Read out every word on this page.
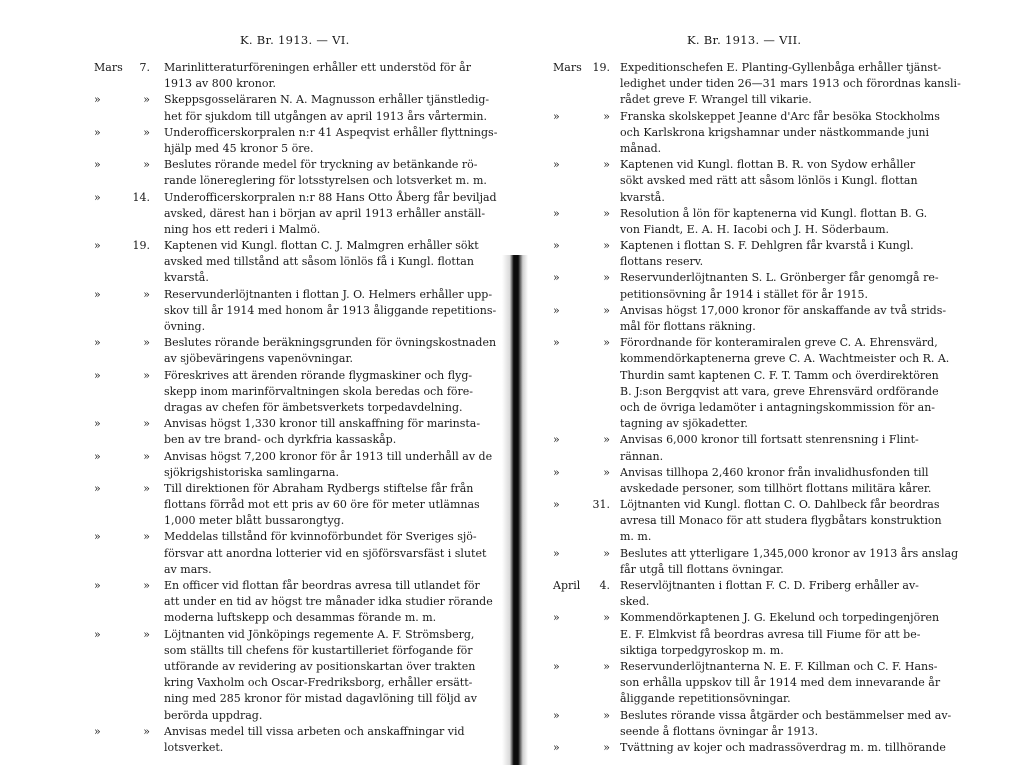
K. Br. 1913. — VI.
Mars	7. Marinlitteraturföreningen erhåller ett understöd för år
1913 av 800 kronor.
»	» Skeppsgosseläraren N. A. Magnusson erhåller tjänstledig-
het för sjukdom till utgången av april 1913 års vårtermin.
»	» Underofficerskorpralen n:r 41 Aspeqvist erhåller flyttnings-
hjälp med 45 kronor 5 öre.
»	» Beslutes rörande medel för tryckning av betänkande rö-
rande lönereglering för lotsstyrelsen och lotsverket m. m.
»	14. Underofficerskorpralen n:r 88 Hans Otto Åberg får beviljad
avsked, därest han i början av april 1913 erhåller anställ-
ning hos ett rederi i Malmö.
»	19. Kaptenen vid Kungl. flottan C. J. Malmgren erhåller sökt
avsked med tillstånd att såsom lönlös få i Kungl. flottan
kvarstå.
»	» Reservunderlöjtnanten i flottan J. O. Helmers erhåller upp-
skov till år 1914 med honom år 1913 åliggande repetitions-
övning.
»	» Beslutes rörande beräkningsgrunden för övningskostnaden
av sjöbeväringens vapenövningar.
»	» Föreskrives att ärenden rörande flygmaskiner och flyg-
skepp inom marinförvaltningen skola beredas och före-
dragas av chefen för ämbetsverkets torpedavdelning.
»	» Anvisas högst 1,330 kronor till anskaffning för marinsta-
ben av tre brand- och dyrkfria kassaskåp.
»	» Anvisas högst 7,200 kronor för år 1913 till underhåll av de
sjökrigshistoriska samlingarna.
»	» Till direktionen för Abraham Rydbergs stiftelse får från
flottans förråd mot ett pris av 60 öre för meter utlämnas
1,000 meter blått bussarongtyg.
»	» Meddelas tillstånd för kvinnoförbundet för Sveriges sjö-
försvar att anordna lotterier vid en sjöförsvarsfäst i slutet
av mars.
»	» En officer vid flottan får beordras avresa till utlandet för
att under en tid av högst tre månader idka studier rörande
moderna luftskepp och desammas förande m. m.
»	» Löjtnanten vid Jönköpings regemente A. F. Strömsberg,
som ställts till chefens för kustartilleriet förfogande för
utförande av revidering av positionskartan över trakten
kring Vaxholm och Oscar-Fredriksborg, erhåller ersätt-
ning med 285 kronor för mistad dagavlöning till följd av
berörda uppdrag.
»	» Anvisas medel till vissa arbeten och anskaffningar vid
lotsverket.
K. Br. 1913. — VII.
Mars 19. Expeditionschefen E. Planting-Gyllenbåga erhåller tjänst-
ledighet under tiden 26—31 mars 1913 och förordnas kansli-
rådet greve F. Wrangel till vikarie.
»	» Franska skolskeppet Jeanne d'Arc får besöka Stockholms
och Karlskrona krigshamnar under nästkommande juni
månad.
»	» Kaptenen vid Kungl. flottan B. R. von Sydow erhåller
sökt avsked med rätt att såsom lönlös i Kungl. flottan
kvarstå.
»	» Resolution å lön för kaptenerna vid Kungl. flottan B. G.
von Fiandt, E. A. H. Iacobi och J. H. Söderbaum.
»	» Kaptenen i flottan S. F. Dehlgren får kvarstå i Kungl.
flottans reserv.
»	» Reservunderlöjtnanten S. L. Grönberger får genomgå re-
petitionsövning år 1914 i stället för år 1915.
»	» Anvisas högst 17,000 kronor för anskaffande av två strids-
mål för flottans räkning.
»	» Förordnande för konteramiralen greve C. A. Ehrensvärd,
kommendörkaptenerna greve C. A. Wachtmeister och R. A.
Thurdin samt kaptenen C. F. T. Tamm och överdirektören
B. J:son Bergqvist att vara, greve Ehrensvärd ordförande
och de övriga ledamöter i antagningskommission för an-
tagning av sjökadetter.
»	» Anvisas 6,000 kronor till fortsatt stenrensning i Flint-
rännan.
»	» Anvisas tillhopa 2,460 kronor från invalidhusfonden till
avskedade personer, som tillhört flottans militära kårer.
»	31. Löjtnanten vid Kungl. flottan C. O. Dahlbeck får beordras
avresa till Monaco för att studera flygbåtars konstruktion
m. m.
»	» Beslutes att ytterligare 1,345,000 kronor av 1913 års anslag
får utgå till flottans övningar.
April	4. Reservlöjtnanten i flottan F. C. D. Friberg erhåller av-
sked.
»	» Kommendörkaptenen J. G. Ekelund och torpedingenjören
E. F. Elmkvist få beordras avresa till Fiume för att be-
siktiga torpedgyroskop m. m.
»	» Reservunderlöjtnanterna N. E. F. Killman och C. F. Hans-
son erhålla uppskov till år 1914 med dem innevarande år
åliggande repetitionsövningar.
»	» Beslutes rörande vissa åtgärder och bestämmelser med av-
seende å flottans övningar år 1913.
»	» Tvättning av kojer och madrassöverdrag m. m. tillhörande
